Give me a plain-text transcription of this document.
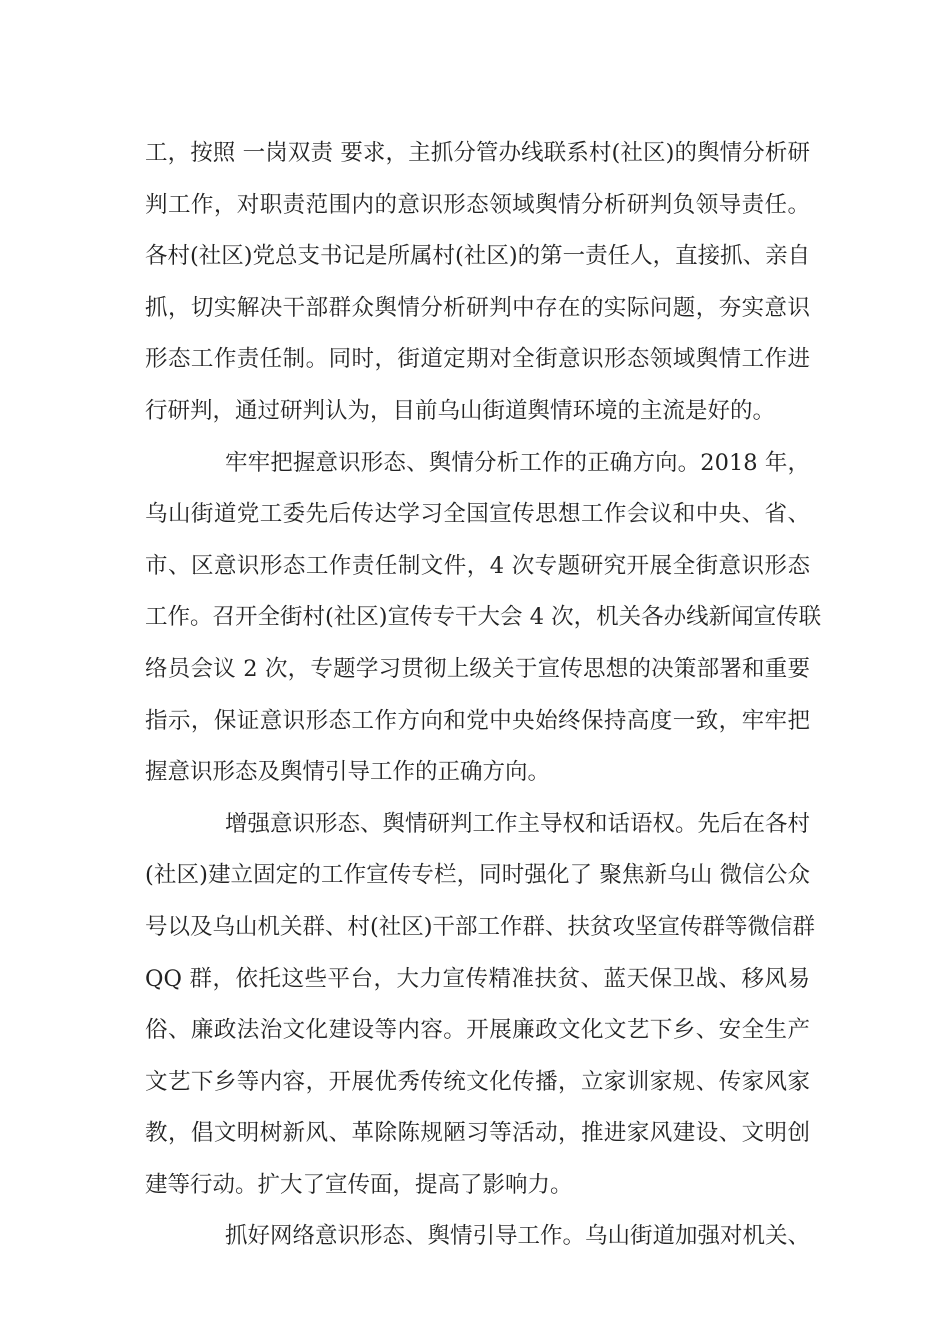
工，按照 一岗双责 要求，主抓分管办线联系村(社区)的舆情分析研
判工作，对职责范围内的意识形态领域舆情分析研判负领导责任。
各村(社区)党总支书记是所属村(社区)的第一责任人，直接抓、亲自
抓，切实解决干部群众舆情分析研判中存在的实际问题，夯实意识
形态工作责任制。同时，街道定期对全街意识形态领域舆情工作进
行研判，通过研判认为，目前乌山街道舆情环境的主流是好的。
牢牢把握意识形态、舆情分析工作的正确方向。2018 年，
乌山街道党工委先后传达学习全国宣传思想工作会议和中央、省、
市、区意识形态工作责任制文件，4 次专题研究开展全街意识形态
工作。召开全街村(社区)宣传专干大会 4 次，机关各办线新闻宣传联
络员会议 2 次，专题学习贯彻上级关于宣传思想的决策部署和重要
指示，保证意识形态工作方向和党中央始终保持高度一致，牢牢把
握意识形态及舆情引导工作的正确方向。
增强意识形态、舆情研判工作主导权和话语权。先后在各村
(社区)建立固定的工作宣传专栏，同时强化了 聚焦新乌山 微信公众
号以及乌山机关群、村(社区)干部工作群、扶贫攻坚宣传群等微信群
QQ 群，依托这些平台，大力宣传精准扶贫、蓝天保卫战、移风易
俗、廉政法治文化建设等内容。开展廉政文化文艺下乡、安全生产
文艺下乡等内容，开展优秀传统文化传播，立家训家规、传家风家
教，倡文明树新风、革除陈规陋习等活动，推进家风建设、文明创
建等行动。扩大了宣传面，提高了影响力。
抓好网络意识形态、舆情引导工作。乌山街道加强对机关、
